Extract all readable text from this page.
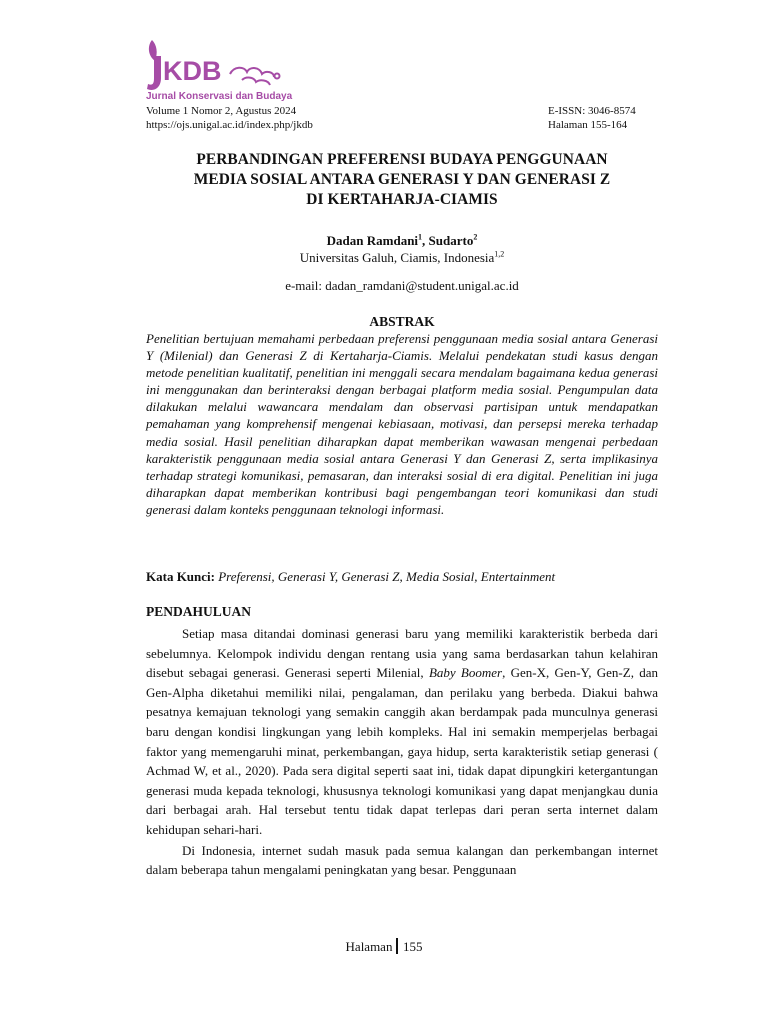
KDB
Jurnal Konservasi dan Budaya
Volume 1 Nomor 2, Agustus 2024
https://ojs.unigal.ac.id/index.php/jkdb
E-ISSN: 3046-8574
Halaman 155-164
PERBANDINGAN PREFERENSI BUDAYA PENGGUNAAN
MEDIA SOSIAL ANTARA GENERASI Y DAN GENERASI Z
DI KERTAHARJA-CIAMIS
Dadan Ramdani$^1$, Sudarto$^2$
Universitas Galuh, Ciamis, Indonesia$^{1,2}$
e-mail: dadan_ramdani@student.unigal.ac.id
ABSTRAK

Penelitian bertujuan memahami perbedaan preferensi penggunaan media sosial antara Generasi Y (Milenial) dan Generasi Z di Kertaharja-Ciamis. Melalui pendekatan studi kasus dengan metode penelitian kualitatif, penelitian ini menggali secara mendalam bagaimana kedua generasi ini menggunakan dan berinteraksi dengan berbagai platform media sosial. Pengumpulan data dilakukan melalui wawancara mendalam dan observasi partisipan untuk mendapatkan pemahaman yang komprehensif mengenai kebiasaan, motivasi, dan persepsi mereka terhadap media sosial. Hasil penelitian diharapkan dapat memberikan wawasan mengenai perbedaan karakteristik penggunaan media sosial antara Generasi Y dan Generasi Z, serta implikasinya terhadap strategi komunikasi, pemasaran, dan interaksi sosial di era digital. Penelitian ini juga diharapkan dapat memberikan kontribusi bagi pengembangan teori komunikasi dan studi generasi dalam konteks penggunaan teknologi informasi.

Kata Kunci: Preferensi, Generasi Y, Generasi Z, Media Sosial, Entertainment
PENDAHULUAN

Setiap masa ditandai dominasi generasi baru yang memiliki karakteristik berbeda dari sebelumnya. Kelompok individu dengan rentang usia yang sama berdasarkan tahun kelahiran disebut sebagai generasi. Generasi seperti Milenial, Baby Boomer, Gen-X, Gen-Y, Gen-Z, dan Gen-Alpha diketahui memiliki nilai, pengalaman, dan perilaku yang berbeda. Diakui bahwa pesatnya kemajuan teknologi yang semakin canggih akan berdampak pada munculnya generasi baru dengan kondisi lingkungan yang lebih kompleks. Hal ini semakin memperjelas berbagai faktor yang memengaruhi minat, perkembangan, gaya hidup, serta karakteristik setiap generasi ( Achmad W, et al., 2020). Pada sera digital seperti saat ini, tidak dapat dipungkiri ketergantungan generasi muda kepada teknologi, khususnya teknologi komunikasi yang dapat menjangkau dunia dari berbagai arah. Hal tersebut tentu tidak dapat terlepas dari peran serta internet dalam kehidupan sehari-hari.

Di Indonesia, internet sudah masuk pada semua kalangan dan perkembangan internet dalam beberapa tahun mengalami peningkatan yang besar. Penggunaan

Halaman 155
